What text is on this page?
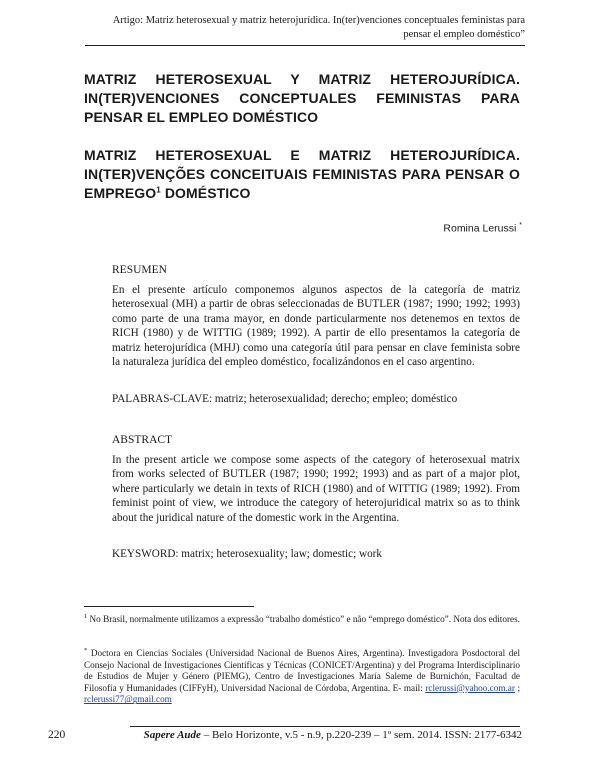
Artigo: Matriz heterosexual y matriz heterojurídica. In(ter)venciones conceptuales feministas para pensar el empleo doméstico”
MATRIZ HETEROSEXUAL Y MATRIZ HETEROJURÍDICA. IN(TER)VENCIONES CONCEPTUALES FEMINISTAS PARA PENSAR EL EMPLEO DOMÉSTICO
MATRIZ HETEROSEXUAL E MATRIZ HETEROJURÍDICA. IN(TER)VENÇÕES CONCEITUAIS FEMINISTAS PARA PENSAR O EMPREGO$^1$ DOMÉSTICO
Romina Lerussi *
RESUMEN
En el presente artículo componemos algunos aspectos de la categoría de matriz heterosexual (MH) a partir de obras seleccionadas de BUTLER (1987; 1990; 1992; 1993) como parte de una trama mayor, en donde particularmente nos detenemos en textos de RICH (1980) y de WITTIG (1989; 1992). A partir de ello presentamos la categoría de matriz heterojurídica (MHJ) como una categoría útil para pensar en clave feminista sobre la naturaleza jurídica del empleo doméstico, focalizándonos en el caso argentino.
PALABRAS-CLAVE: matriz; heterosexualidad; derecho; empleo; doméstico
ABSTRACT
In the present article we compose some aspects of the category of heterosexual matrix from works selected of BUTLER (1987; 1990; 1992; 1993) and as part of a major plot, where particularly we detain in texts of RICH (1980) and of WITTIG (1989; 1992). From feminist point of view, we introduce the category of heterojuridical matrix so as to think about the juridical nature of the domestic work in the Argentina.
KEYSWORD: matrix; heterosexuality; law; domestic; work
$^1$ No Brasil, normalmente utilizamos a expressão “trabalho doméstico” e não “emprego doméstico”. Nota dos editores.
* Doctora en Ciencias Sociales (Universidad Nacional de Buenos Aires, Argentina). Investigadora Posdoctoral del Consejo Nacional de Investigaciones Científicas y Técnicas (CONICET/Argentina) y del Programa Interdisciplinario de Estudios de Mujer y Género (PIEMG), Centro de Investigaciones María Saleme de Burnichón, Facultad de Filosofía y Humanidades (CIFFyH), Universidad Nacional de Córdoba, Argentina. E- mail: rclerussi@yahoo.com.ar ; rclerussi77@gmail.com
220	Sapere Aude – Belo Horizonte, v.5 - n.9, p.220-239 – 1º sem. 2014. ISSN: 2177-6342
